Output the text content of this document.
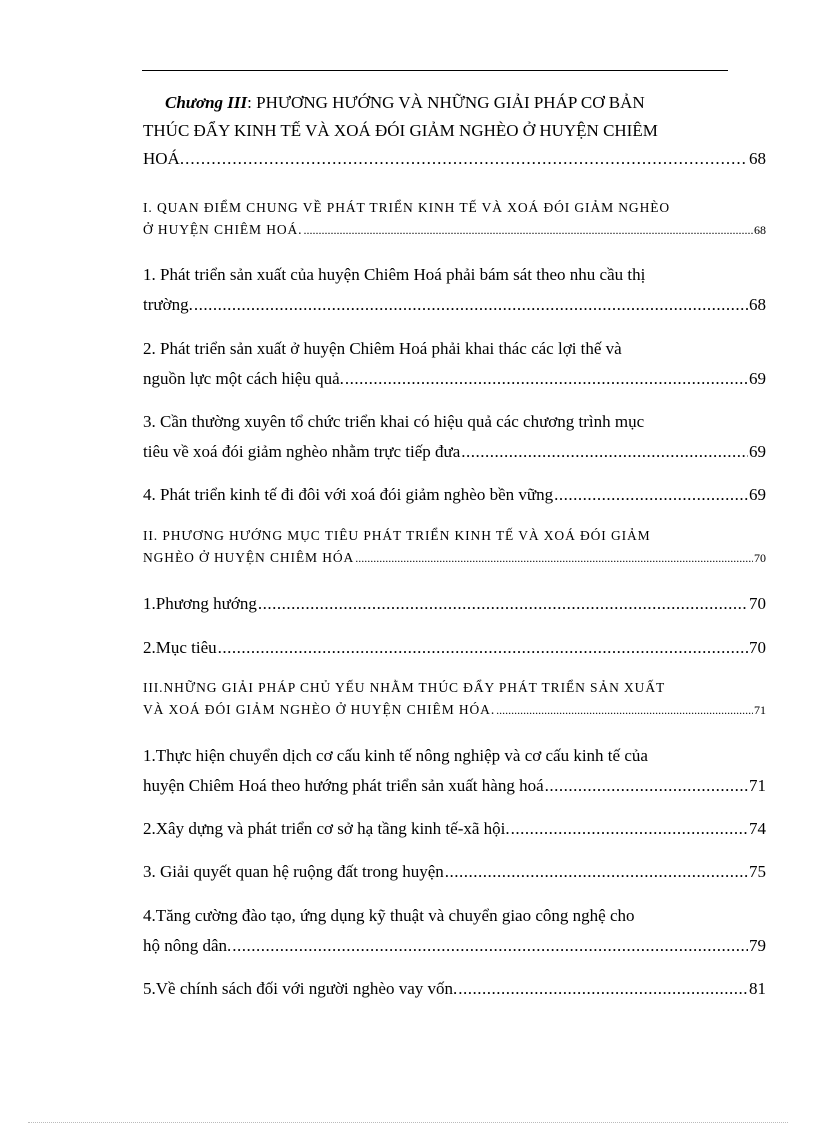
Chương III: PHƯƠNG HƯỚNG VÀ NHỮNG GIẢI PHÁP CƠ BẢN
THÚC ĐẨY KINH TẾ VÀ XOÁ ĐÓI GIẢM NGHÈO Ở HUYỆN CHIÊM
HOÁ. .....	68
I. QUAN ĐIỂM CHUNG VỀ PHÁT TRIỂN KINH TẾ VÀ XOÁ ĐÓI GIẢM NGHÈO
Ở HUYỆN CHIÊM HOÁ. .....	68
1. Phát triển sản xuất của huyện Chiêm Hoá phải bám sát theo nhu cầu thị
trường. .....	68
2. Phát triển sản xuất ở huyện Chiêm Hoá phải khai thác các lợi thế và
nguồn lực một cách hiệu quả. .....	69
3. Cần thường xuyên tổ chức triển khai có hiệu quả các chương trình mục
tiêu về xoá đói giảm nghèo nhằm trực tiếp đưa .....	69
4. Phát triển kinh tế đi đôi với xoá đói giảm nghèo bền vững .....	69
II. PHƯƠNG HƯỚNG MỤC TIÊU PHÁT TRIỂN KINH TẾ VÀ XOÁ ĐÓI GIẢM
NGHÈO Ở HUYỆN CHIÊM HÓA .....	70
1.Phương hướng .....	70
2.Mục tiêu .....	70
III.NHỮNG GIẢI PHÁP CHỦ YẾU NHẰM THÚC ĐẨY PHÁT TRIỂN SẢN XUẤT
VÀ XOÁ ĐÓI GIẢM NGHÈO Ở HUYỆN CHIÊM HÓA. .....	71
1.Thực hiện chuyển dịch cơ cấu kinh tế nông nghiệp và cơ cấu kinh tế của
huyện Chiêm Hoá theo hướng phát triển sản xuất hàng hoá .....	71
2.Xây dựng và phát triển cơ sở hạ tầng kinh tế-xã hội. .....	74
3. Giải quyết quan hệ ruộng đất trong huyện .....	75
4.Tăng cường đào tạo, ứng dụng kỹ thuật và chuyển giao công nghệ cho
hộ nông dân. .....	79
5.Về chính sách đối với người nghèo vay vốn. .....	81
